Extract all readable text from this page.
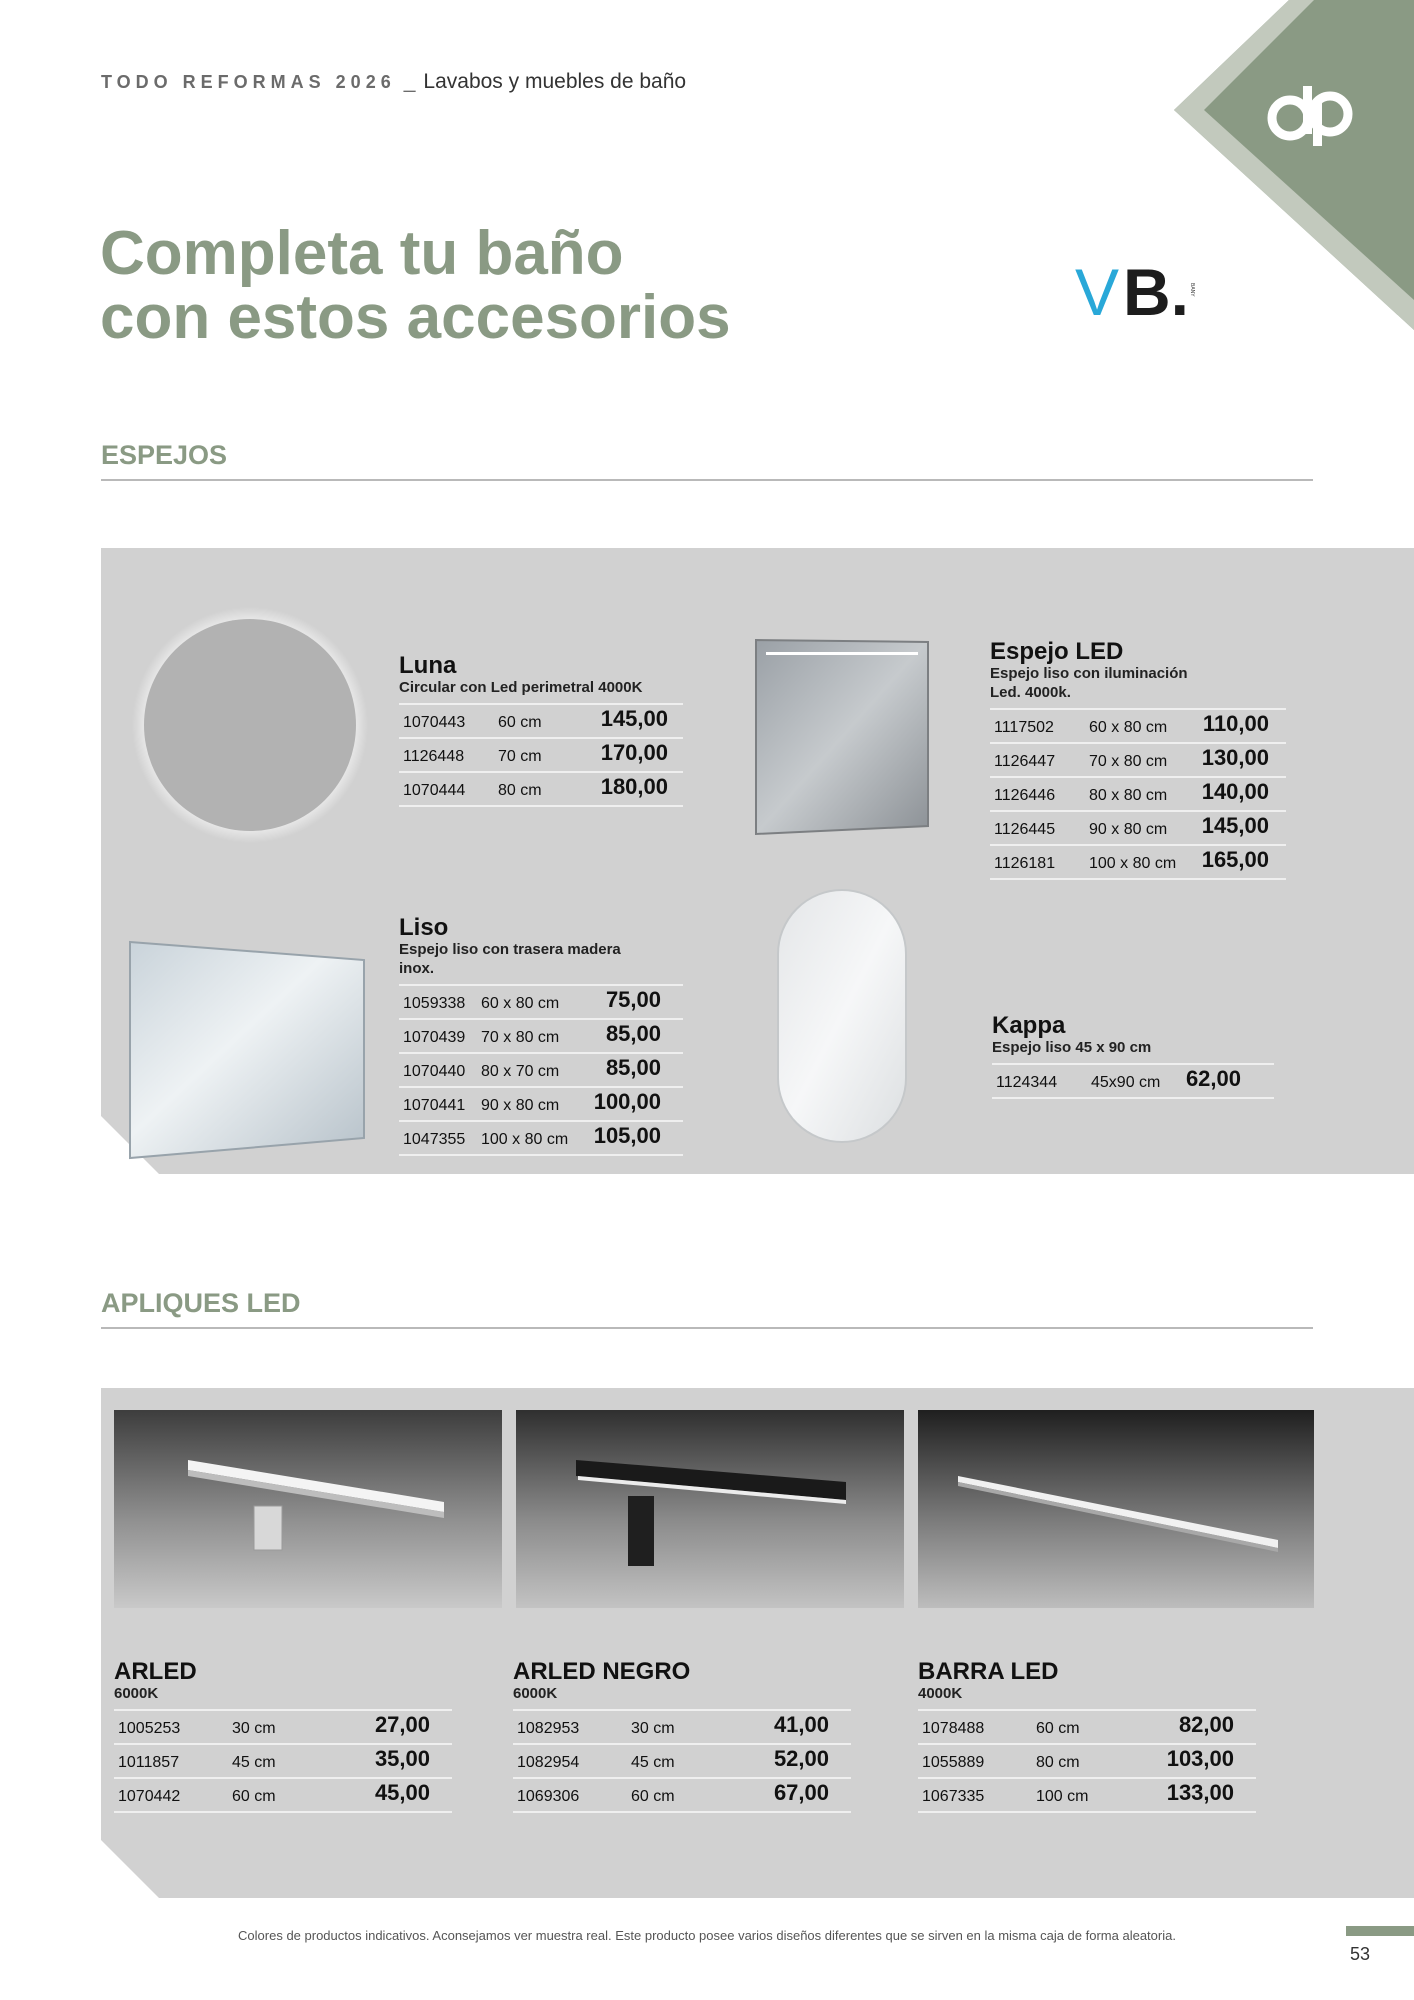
TODO REFORMAS 2026 _ Lavabos y muebles de baño
Completa tu baño
con estos accesorios	V B. BANY
ESPEJOS
Luna
Circular con Led perimetral 4000K
1070443	60 cm	145,00
1126448	70 cm	170,00
1070444	80 cm	180,00
Espejo LED
Espejo liso con iluminación
Led. 4000k.
1117502	60 x 80 cm	110,00
1126447	70 x 80 cm	130,00
1126446	80 x 80 cm	140,00
1126445	90 x 80 cm	145,00
1126181	100 x 80 cm	165,00
Liso
Espejo liso con trasera madera
inox.
1059338 60 x 80 cm	75,00
1070439 70 x 80 cm	85,00
1070440 80 x 70 cm	85,00
1070441 90 x 80 cm	100,00
1047355 100 x 80 cm	105,00
Kappa
Espejo liso 45 x 90 cm
1124344	45x90 cm	62,00
APLIQUES LED
ARLED
6000K
1005253	30 cm	27,00
1011857	45 cm	35,00
1070442	60 cm	45,00
ARLED NEGRO
6000K
1082953	30 cm	41,00
1082954	45 cm	52,00
1069306	60 cm	67,00
BARRA LED
4000K
1078488	60 cm	82,00
1055889	80 cm	103,00
1067335	100 cm	133,00
Colores de productos indicativos. Aconsejamos ver muestra real. Este producto posee varios diseños diferentes que se sirven en la misma caja de forma aleatoria.
53
